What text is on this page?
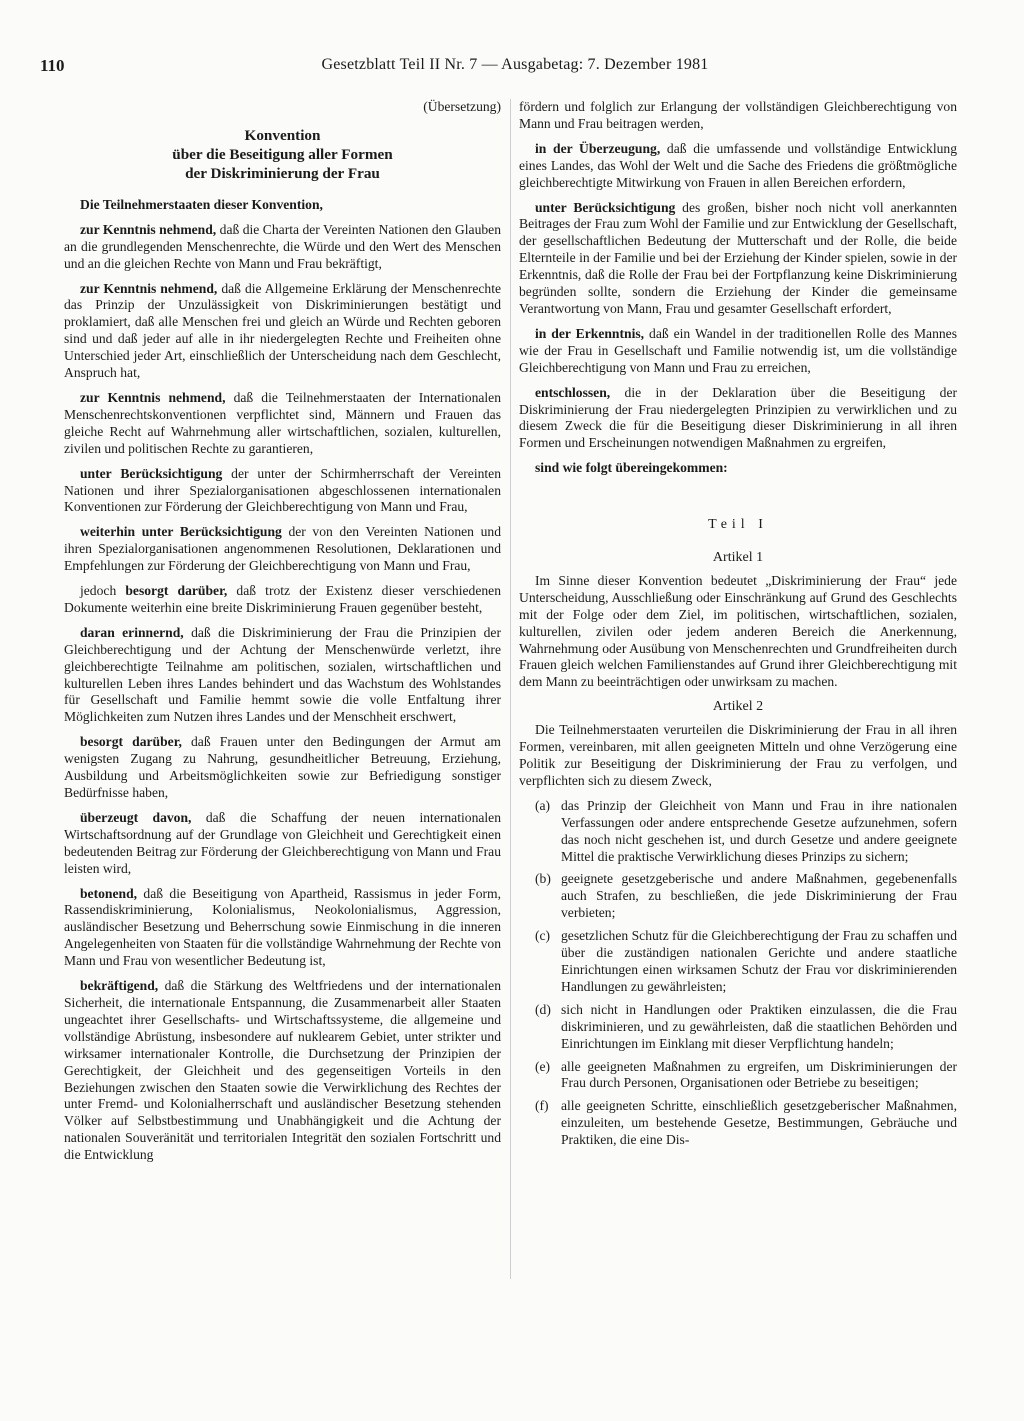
110	Gesetzblatt Teil II Nr. 7 — Ausgabetag: 7. Dezember 1981
(Übersetzung)
Konvention
über die Beseitigung aller Formen
der Diskriminierung der Frau

Die Teilnehmerstaaten dieser Konvention,

zur Kenntnis nehmend, daß die Charta der Vereinten Nationen den Glauben an die grundlegenden Menschenrechte, die Würde und den Wert des Menschen und an die gleichen Rechte von Mann und Frau bekräftigt,

zur Kenntnis nehmend, daß die Allgemeine Erklärung der Menschenrechte das Prinzip der Unzulässigkeit von Diskriminierungen bestätigt und proklamiert, daß alle Menschen frei und gleich an Würde und Rechten geboren sind und daß jeder auf alle in ihr niedergelegten Rechte und Freiheiten ohne Unterschied jeder Art, einschließlich der Unterscheidung nach dem Geschlecht, Anspruch hat,

zur Kenntnis nehmend, daß die Teilnehmerstaaten der Internationalen Menschenrechtskonventionen verpflichtet sind, Männern und Frauen das gleiche Recht auf Wahrnehmung aller wirtschaftlichen, sozialen, kulturellen, zivilen und politischen Rechte zu garantieren,

unter Berücksichtigung der unter der Schirmherrschaft der Vereinten Nationen und ihrer Spezialorganisationen abgeschlossenen internationalen Konventionen zur Förderung der Gleichberechtigung von Mann und Frau,

weiterhin unter Berücksichtigung der von den Vereinten Nationen und ihren Spezialorganisationen angenommenen Resolutionen, Deklarationen und Empfehlungen zur Förderung der Gleichberechtigung von Mann und Frau,

jedoch besorgt darüber, daß trotz der Existenz dieser verschiedenen Dokumente weiterhin eine breite Diskriminierung Frauen gegenüber besteht,

daran erinnernd, daß die Diskriminierung der Frau die Prinzipien der Gleichberechtigung und der Achtung der Menschenwürde verletzt, ihre gleichberechtigte Teilnahme am politischen, sozialen, wirtschaftlichen und kulturellen Leben ihres Landes behindert und das Wachstum des Wohlstandes für Gesellschaft und Familie hemmt sowie die volle Entfaltung ihrer Möglichkeiten zum Nutzen ihres Landes und der Menschheit erschwert,

besorgt darüber, daß Frauen unter den Bedingungen der Armut am wenigsten Zugang zu Nahrung, gesundheitlicher Betreuung, Erziehung, Ausbildung und Arbeitsmöglichkeiten sowie zur Befriedigung sonstiger Bedürfnisse haben,

überzeugt davon, daß die Schaffung der neuen internationalen Wirtschaftsordnung auf der Grundlage von Gleichheit und Gerechtigkeit einen bedeutenden Beitrag zur Förderung der Gleichberechtigung von Mann und Frau leisten wird,

betonend, daß die Beseitigung von Apartheid, Rassismus in jeder Form, Rassendiskriminierung, Kolonialismus, Neokolonialismus, Aggression, ausländischer Besetzung und Beherrschung sowie Einmischung in die inneren Angelegenheiten von Staaten für die vollständige Wahrnehmung der Rechte von Mann und Frau von wesentlicher Bedeutung ist,

bekräftigend, daß die Stärkung des Weltfriedens und der internationalen Sicherheit, die internationale Entspannung, die Zusammenarbeit aller Staaten ungeachtet ihrer Gesellschafts- und Wirtschaftssysteme, die allgemeine und vollständige Abrüstung, insbesondere auf nuklearem Gebiet, unter strikter und wirksamer internationaler Kontrolle, die Durchsetzung der Prinzipien der Gerechtigkeit, der Gleichheit und des gegenseitigen Vorteils in den Beziehungen zwischen den Staaten sowie die Verwirklichung des Rechtes der unter Fremd- und Kolonialherrschaft und ausländischer Besetzung stehenden Völker auf Selbstbestimmung und Unabhängigkeit und die Achtung der nationalen Souveränität und territorialen Integrität den sozialen Fortschritt und die Entwicklung

fördern und folglich zur Erlangung der vollständigen Gleichberechtigung von Mann und Frau beitragen werden,

in der Überzeugung, daß die umfassende und vollständige Entwicklung eines Landes, das Wohl der Welt und die Sache des Friedens die größtmögliche gleichberechtigte Mitwirkung von Frauen in allen Bereichen erfordern,

unter Berücksichtigung des großen, bisher noch nicht voll anerkannten Beitrages der Frau zum Wohl der Familie und zur Entwicklung der Gesellschaft, der gesellschaftlichen Bedeutung der Mutterschaft und der Rolle, die beide Elternteile in der Familie und bei der Erziehung der Kinder spielen, sowie in der Erkenntnis, daß die Rolle der Frau bei der Fortpflanzung keine Diskriminierung begründen sollte, sondern die Erziehung der Kinder die gemeinsame Verantwortung von Mann, Frau und gesamter Gesellschaft erfordert,

in der Erkenntnis, daß ein Wandel in der traditionellen Rolle des Mannes wie der Frau in Gesellschaft und Familie notwendig ist, um die vollständige Gleichberechtigung von Mann und Frau zu erreichen,

entschlossen, die in der Deklaration über die Beseitigung der Diskriminierung der Frau niedergelegten Prinzipien zu verwirklichen und zu diesem Zweck die für die Beseitigung dieser Diskriminierung in all ihren Formen und Erscheinungen notwendigen Maßnahmen zu ergreifen,

sind wie folgt übereingekommen:

Teil I
Artikel 1

Im Sinne dieser Konvention bedeutet „Diskriminierung der Frau“ jede Unterscheidung, Ausschließung oder Einschränkung auf Grund des Geschlechts mit der Folge oder dem Ziel, im politischen, wirtschaftlichen, sozialen, kulturellen, zivilen oder jedem anderen Bereich die Anerkennung, Wahrnehmung oder Ausübung von Menschenrechten und Grundfreiheiten durch Frauen gleich welchen Familienstandes auf Grund ihrer Gleichberechtigung mit dem Mann zu beeinträchtigen oder unwirksam zu machen.

Artikel 2

Die Teilnehmerstaaten verurteilen die Diskriminierung der Frau in all ihren Formen, vereinbaren, mit allen geeigneten Mitteln und ohne Verzögerung eine Politik zur Beseitigung der Diskriminierung der Frau zu verfolgen, und verpflichten sich zu diesem Zweck,

(a) das Prinzip der Gleichheit von Mann und Frau in ihre nationalen Verfassungen oder andere entsprechende Gesetze aufzunehmen, sofern das noch nicht geschehen ist, und durch Gesetze und andere geeignete Mittel die praktische Verwirklichung dieses Prinzips zu sichern;
(b) geeignete gesetzgeberische und andere Maßnahmen, gegebenenfalls auch Strafen, zu beschließen, die jede Diskriminierung der Frau verbieten;
(c) gesetzlichen Schutz für die Gleichberechtigung der Frau zu schaffen und über die zuständigen nationalen Gerichte und andere staatliche Einrichtungen einen wirksamen Schutz der Frau vor diskriminierenden Handlungen zu gewährleisten;
(d) sich nicht in Handlungen oder Praktiken einzulassen, die die Frau diskriminieren, und zu gewährleisten, daß die staatlichen Behörden und Einrichtungen im Einklang mit dieser Verpflichtung handeln;
(e) alle geeigneten Maßnahmen zu ergreifen, um Diskriminierungen der Frau durch Personen, Organisationen oder Betriebe zu beseitigen;
(f) alle geeigneten Schritte, einschließlich gesetzgeberischer Maßnahmen, einzuleiten, um bestehende Gesetze, Bestimmungen, Gebräuche und Praktiken, die eine Dis-
